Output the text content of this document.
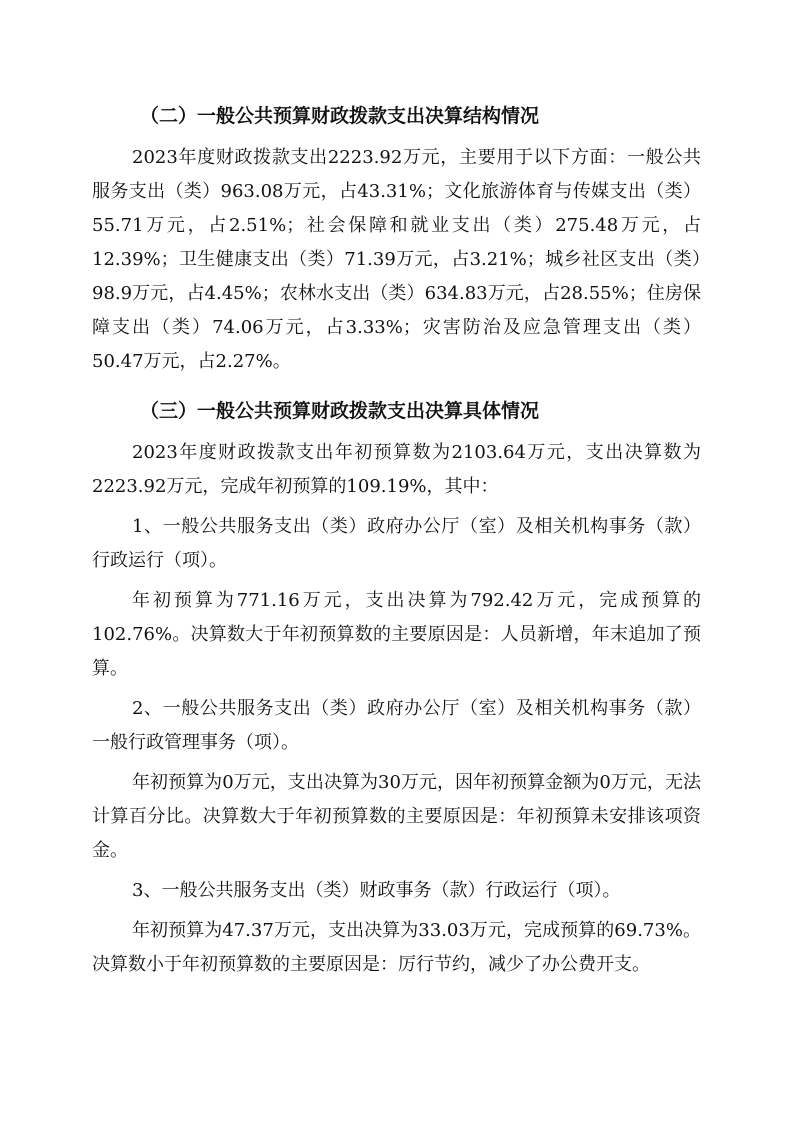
（二）一般公共预算财政拨款支出决算结构情况

2023年度财政拨款支出2223.92万元，主要用于以下方面：一般公共服务支出（类）963.08万元，占43.31%；文化旅游体育与传媒支出（类）55.71万元，占2.51%；社会保障和就业支出（类）275.48万元，占12.39%；卫生健康支出（类）71.39万元，占3.21%；城乡社区支出（类）98.9万元，占4.45%；农林水支出（类）634.83万元，占28.55%；住房保障支出（类）74.06万元，占3.33%；灾害防治及应急管理支出（类）50.47万元，占2.27%。

（三）一般公共预算财政拨款支出决算具体情况

2023年度财政拨款支出年初预算数为2103.64万元，支出决算数为2223.92万元，完成年初预算的109.19%，其中：

1、一般公共服务支出（类）政府办公厅（室）及相关机构事务（款）行政运行（项）。

年初预算为771.16万元，支出决算为792.42万元，完成预算的102.76%。决算数大于年初预算数的主要原因是：人员新增，年末追加了预算。

2、一般公共服务支出（类）政府办公厅（室）及相关机构事务（款）一般行政管理事务（项）。

年初预算为0万元，支出决算为30万元，因年初预算金额为0万元，无法计算百分比。决算数大于年初预算数的主要原因是：年初预算未安排该项资金。

3、一般公共服务支出（类）财政事务（款）行政运行（项）。

年初预算为47.37万元，支出决算为33.03万元，完成预算的69.73%。决算数小于年初预算数的主要原因是：厉行节约，减少了办公费开支。
